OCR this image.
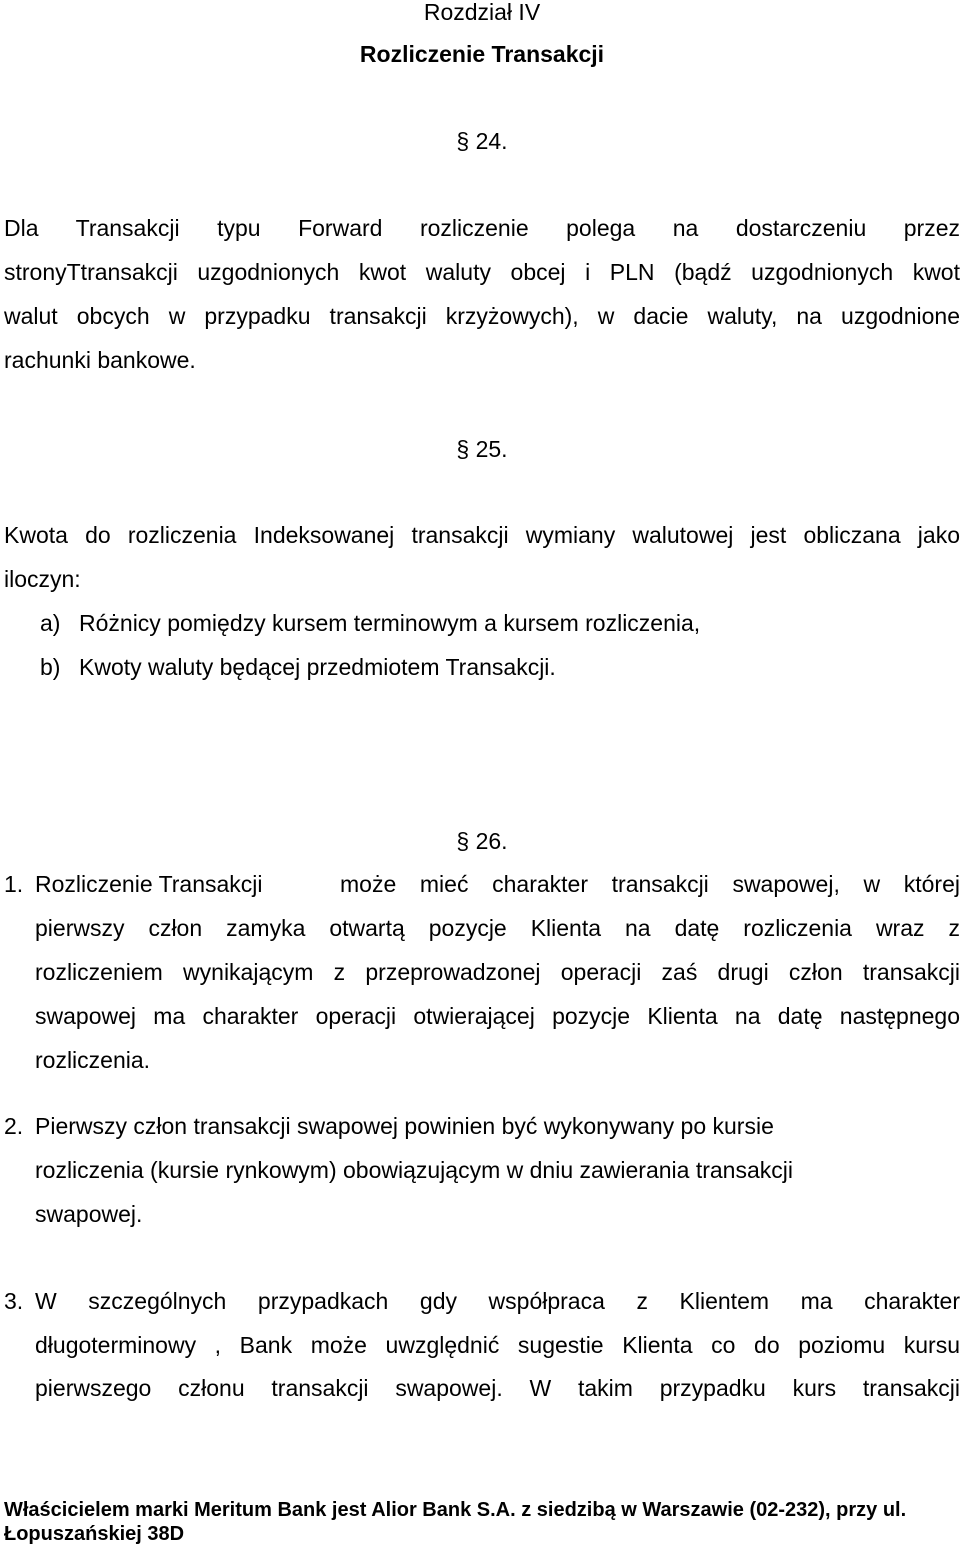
Rozdział IV
Rozliczenie Transakcji
§ 24.
Dla Transakcji typu Forward rozliczenie polega na dostarczeniu przez
stronyTtransakcji uzgodnionych kwot waluty obcej i PLN (bądź uzgodnionych kwot
walut obcych w przypadku transakcji krzyżowych), w dacie waluty, na uzgodnione
rachunki bankowe.
§ 25.
Kwota do rozliczenia Indeksowanej transakcji wymiany walutowej jest obliczana jako
iloczyn:
a) Różnicy pomiędzy kursem terminowym a kursem rozliczenia,
b) Kwoty waluty będącej przedmiotem Transakcji.
§ 26.
1. Rozliczenie Transakcji	może mieć charakter transakcji swapowej, w której
pierwszy człon zamyka otwartą pozycje Klienta na datę rozliczenia wraz z
rozliczeniem wynikającym z przeprowadzonej operacji zaś drugi człon transakcji
swapowej ma charakter operacji otwierającej pozycje Klienta na datę następnego
rozliczenia.
2. Pierwszy człon transakcji swapowej powinien być wykonywany po kursie
rozliczenia (kursie rynkowym) obowiązującym w dniu zawierania transakcji
swapowej.
3. W szczególnych przypadkach gdy współpraca z Klientem ma charakter
długoterminowy , Bank może uwzględnić sugestie Klienta co do poziomu kursu
pierwszego członu transakcji swapowej. W takim przypadku kurs transakcji
Właścicielem marki Meritum Bank jest Alior Bank S.A. z siedzibą w Warszawie (02-232), przy ul.
Łopuszańskiej 38D
